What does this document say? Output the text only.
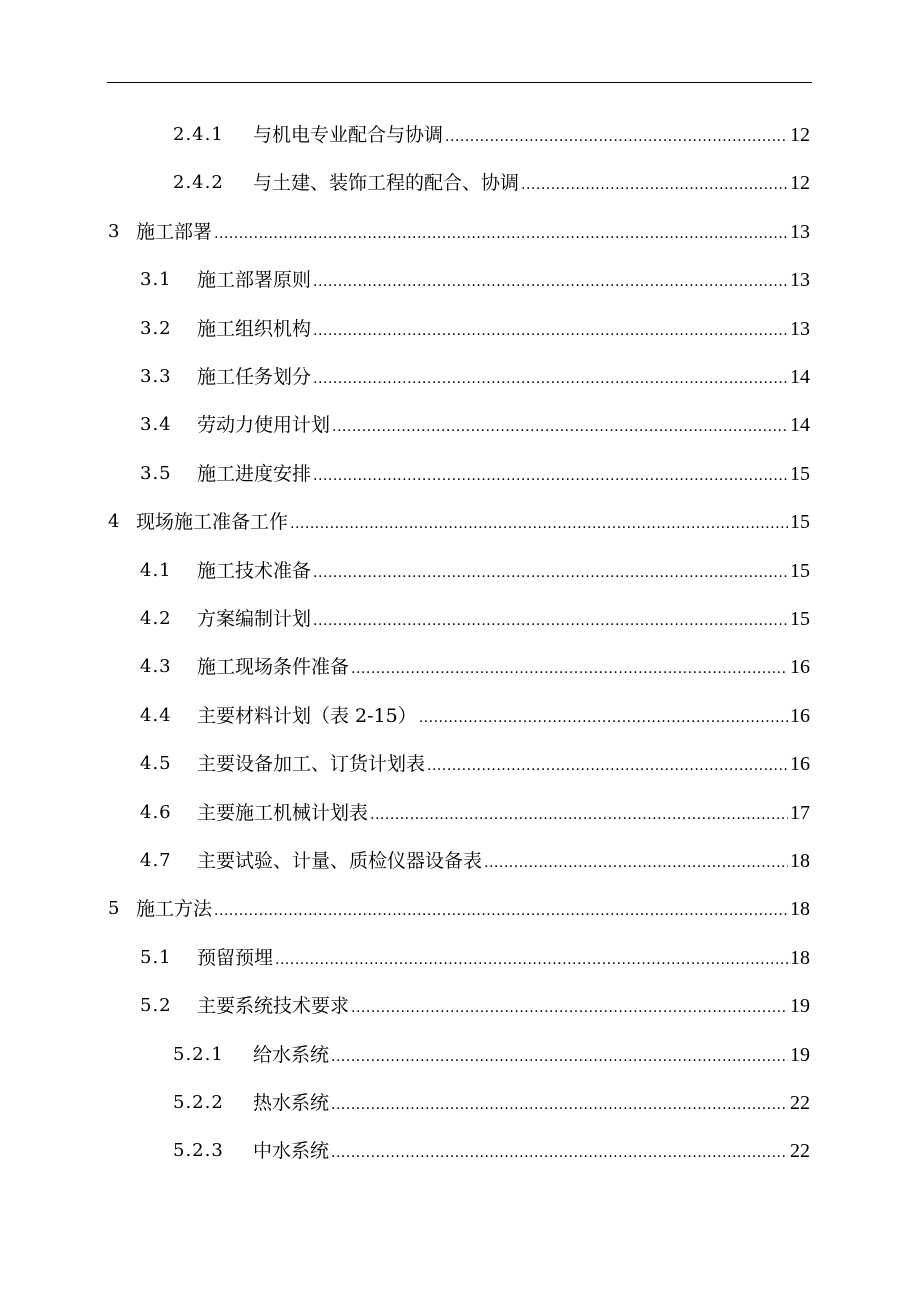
2.4.1	与机电专业配合与协调 .....	12
2.4.2	与土建、装饰工程的配合、协调 .....	12
3 施工部署 .....	13
3.1	施工部署原则 .....	13
3.2	施工组织机构 .....	13
3.3	施工任务划分 .....	14
3.4	劳动力使用计划 .....	14
3.5	施工进度安排 .....	15
4 现场施工准备工作 .....	15
4.1	施工技术准备 .....	15
4.2	方案编制计划 .....	15
4.3	施工现场条件准备 .....	16
4.4	主要材料计划（表 2-15） .....	16
4.5	主要设备加工、订货计划表 .....	16
4.6	主要施工机械计划表 .....	17
4.7	主要试验、计量、质检仪器设备表 .....	18
5 施工方法 .....	18
5.1	预留预埋 .....	18
5.2	主要系统技术要求 .....	19
5.2.1	给水系统 .....	19
5.2.2	热水系统 .....	22
5.2.3	中水系统 .....	22
